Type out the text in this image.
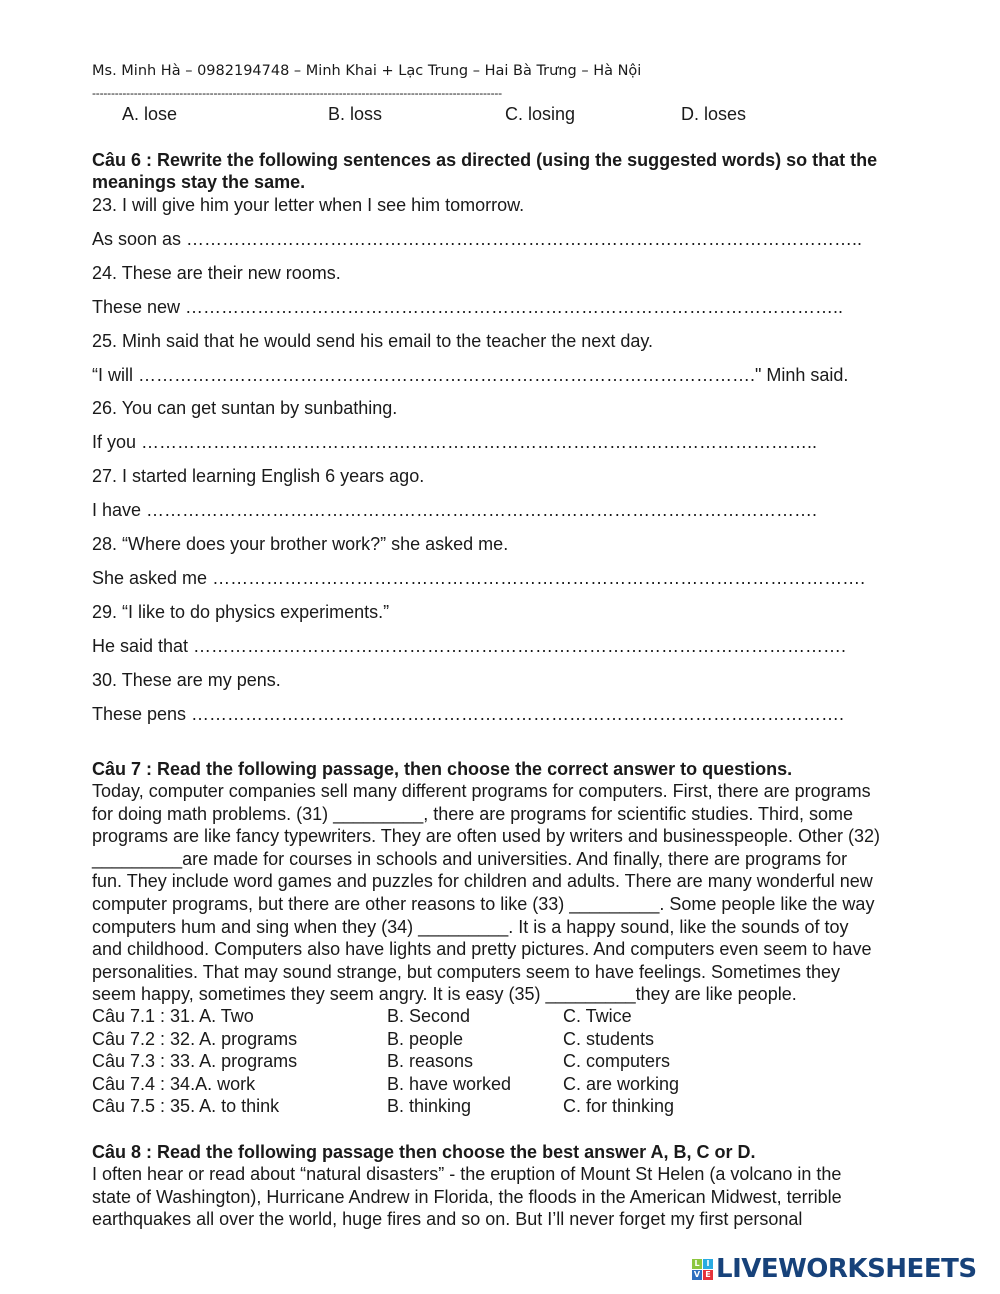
Ms. Minh Hà – 0982194748 – Minh Khai + Lạc Trung – Hai Bà Trưng – Hà Nội
------------------------------------------------------------------------------------------------------------
A. lose	B. loss	C. losing	D. loses
Câu 6 : Rewrite the following sentences as directed (using the suggested words) so that the
meanings stay the same.
23. I will give him your letter when I see him tomorrow.
As soon as …………………………………………………………………………………………………..
24. These are their new rooms.
These new ………………………………………………………………………………………………..
25. Minh said that he would send his email to the teacher the next day.
“I will …………………………………………………………………………………………." Minh said.
26. You can get suntan by sunbathing.
If you …………………………………………………………………………………………………..
27. I started learning English 6 years ago.
I have ………………………………………………………………………………………………….
28. “Where does your brother work?” she asked me.
She asked me ……………………………………………………………………………………………….
29. “I like to do physics experiments.”
He said that ……………………………………………………………………………………………….
30. These are my pens.
These pens ……………………………………………………………………………………………….
Câu 7 : Read the following passage, then choose the correct answer to questions.
Today, computer companies sell many different programs for computers. First, there are programs
for doing math problems. (31) _________, there are programs for scientific studies. Third, some
programs are like fancy typewriters. They are often used by writers and businesspeople. Other (32)
_________are made for courses in schools and universities. And finally, there are programs for
fun. They include word games and puzzles for children and adults. There are many wonderful new
computer programs, but there are other reasons to like (33) _________. Some people like the way
computers hum and sing when they (34) _________. It is a happy sound, like the sounds of toy
and childhood. Computers also have lights and pretty pictures. And computers even seem to have
personalities. That may sound strange, but computers seem to have feelings. Sometimes they
seem happy, sometimes they seem angry. It is easy (35) _________they are like people.
Câu 7.1 : 31. A. Two	B. Second	C. Twice
Câu 7.2 : 32. A. programs	B. people	C. students
Câu 7.3 : 33. A. programs	B. reasons	C. computers
Câu 7.4 : 34.A. work	B. have worked	C. are working
Câu 7.5 : 35. A. to think	B. thinking	C. for thinking
Câu 8 : Read the following passage then choose the best answer A, B, C or D.
I often hear or read about “natural disasters” - the eruption of Mount St Helen (a volcano in the
state of Washington), Hurricane Andrew in Florida, the floods in the American Midwest, terrible
earthquakes all over the world, huge fires and so on. But I’ll never forget my first personal
L I
V E LIVEWORKSHEETS
